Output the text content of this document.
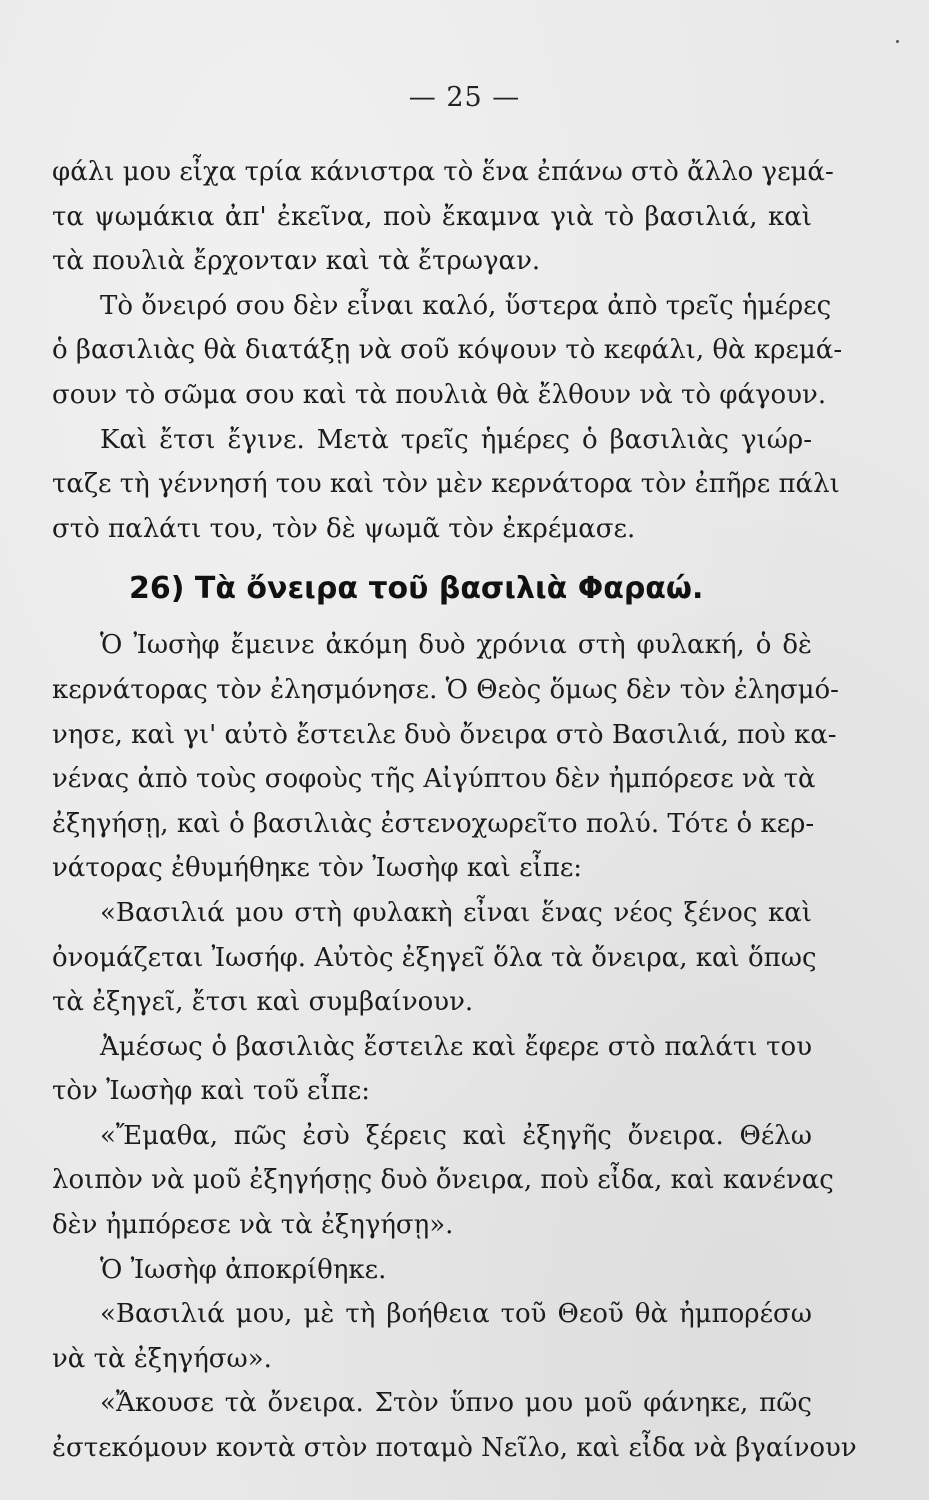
— 25 —
φάλι μου εἶχα τρία κάνιστρα τὸ ἕνα ἐπάνω στὸ ἄλλο γεμά-
τα ψωμάκια ἀπ' ἐκεῖνα, ποὺ ἔκαμνα γιὰ τὸ βασιλιά, καὶ
τὰ πουλιὰ ἔρχονταν καὶ τὰ ἔτρωγαν.
Τὸ ὄνειρό σου δὲν εἶναι καλό, ὕστερα ἀπὸ τρεῖς ἡμέρες
ὁ βασιλιὰς θὰ διατάξῃ νὰ σοῦ κόψουν τὸ κεφάλι, θὰ κρεμά-
σουν τὸ σῶμα σου καὶ τὰ πουλιὰ θὰ ἔλθουν νὰ τὸ φάγουν.
Καὶ ἔτσι ἔγινε. Μετὰ τρεῖς ἡμέρες ὁ βασιλιὰς γιώρ-
ταζε τὴ γέννησή του καὶ τὸν μὲν κερνάτορα τὸν ἐπῆρε πάλι
στὸ παλάτι του, τὸν δὲ ψωμᾶ τὸν ἐκρέμασε.
26) Τὰ ὄνειρα τοῦ βασιλιὰ Φαραώ.
Ὁ Ἰωσὴφ ἔμεινε ἀκόμη δυὸ χρόνια στὴ φυλακή, ὁ δὲ
κερνάτορας τὸν ἐλησμόνησε. Ὁ Θεὸς ὅμως δὲν τὸν ἐλησμό-
νησε, καὶ γι' αὐτὸ ἔστειλε δυὸ ὄνειρα στὸ Βασιλιά, ποὺ κα-
νένας ἀπὸ τοὺς σοφοὺς τῆς Αἰγύπτου δὲν ἠμπόρεσε νὰ τὰ
ἐξηγήσῃ, καὶ ὁ βασιλιὰς ἐστενοχωρεῖτο πολύ. Τότε ὁ κερ-
νάτορας ἐθυμήθηκε τὸν Ἰωσὴφ καὶ εἶπε:
«Βασιλιά μου στὴ φυλακὴ εἶναι ἕνας νέος ξένος καὶ
ὀνομάζεται Ἰωσήφ. Αὐτὸς ἐξηγεῖ ὅλα τὰ ὄνειρα, καὶ ὅπως
τὰ ἐξηγεῖ, ἔτσι καὶ συμβαίνουν.
Ἀμέσως ὁ βασιλιὰς ἔστειλε καὶ ἔφερε στὸ παλάτι του
τὸν Ἰωσὴφ καὶ τοῦ εἶπε:
«Ἔμαθα, πῶς ἐσὺ ξέρεις καὶ ἐξηγῆς ὄνειρα. Θέλω
λοιπὸν νὰ μοῦ ἐξηγήσῃς δυὸ ὄνειρα, ποὺ εἶδα, καὶ κανένας
δὲν ἠμπόρεσε νὰ τὰ ἐξηγήσῃ».
Ὁ Ἰωσὴφ ἀποκρίθηκε.
«Βασιλιά μου, μὲ τὴ βοήθεια τοῦ Θεοῦ θὰ ἠμπορέσω
νὰ τὰ ἐξηγήσω».
«Ἄκουσε τὰ ὄνειρα. Στὸν ὕπνο μου μοῦ φάνηκε, πῶς
ἐστεκόμουν κοντὰ στὸν ποταμὸ Νεῖλο, καὶ εἶδα νὰ βγαίνουν
